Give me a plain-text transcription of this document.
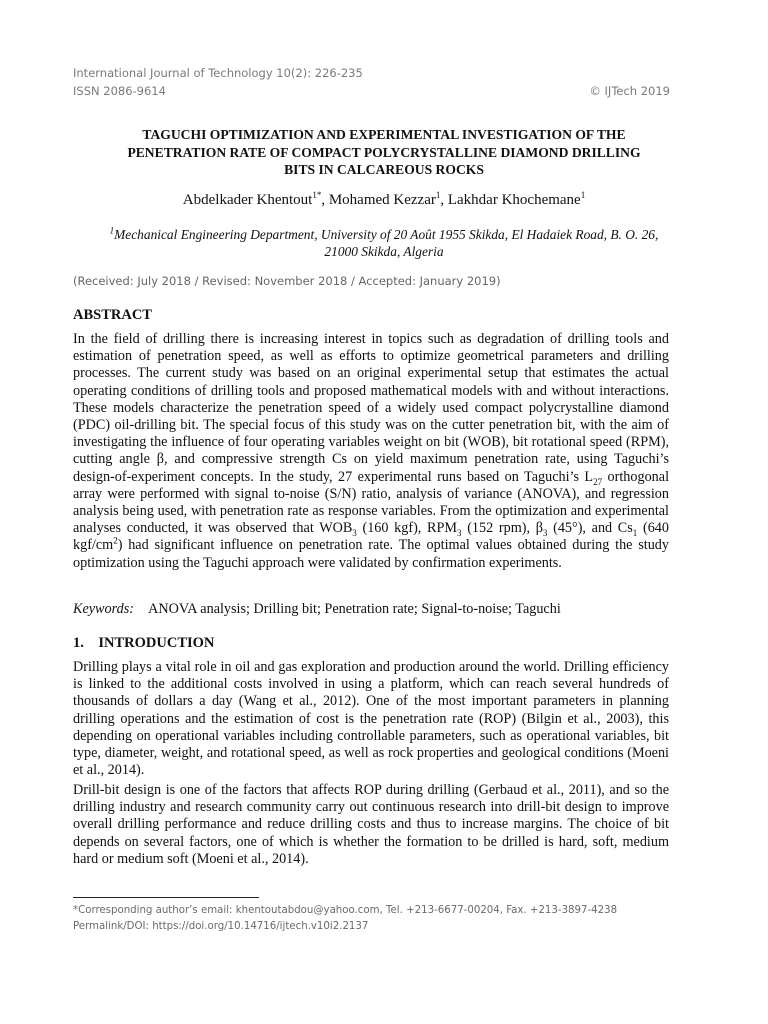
International Journal of Technology 10(2): 226-235
ISSN 2086-9614	© IJTech 2019
TAGUCHI OPTIMIZATION AND EXPERIMENTAL INVESTIGATION OF THE
PENETRATION RATE OF COMPACT POLYCRYSTALLINE DIAMOND DRILLING
BITS IN CALCAREOUS ROCKS
Abdelkader Khentout$^{1*}$, Mohamed Kezzar$^1$, Lakhdar Khochemane$^1$
$^1$Mechanical Engineering Department, University of 20 Août 1955 Skikda, El Hadaiek Road, B. O. 26,
21000 Skikda, Algeria
(Received: July 2018 / Revised: November 2018 / Accepted: January 2019)
ABSTRACT

In the field of drilling there is increasing interest in topics such as degradation of drilling tools and estimation of penetration speed, as well as efforts to optimize geometrical parameters and drilling processes. The current study was based on an original experimental setup that estimates the actual operating conditions of drilling tools and proposed mathematical models with and without interactions. These models characterize the penetration speed of a widely used compact polycrystalline diamond (PDC) oil-drilling bit. The special focus of this study was on the cutter penetration bit, with the aim of investigating the influence of four operating variables weight on bit (WOB), bit rotational speed (RPM), cutting angle β, and compressive strength Cs on yield maximum penetration rate, using Taguchi’s design-of-experiment concepts. In the study, 27 experimental runs based on Taguchi’s $L_{27}$ orthogonal array were performed with signal to-noise (S/N) ratio, analysis of variance (ANOVA), and regression analysis being used, with penetration rate as response variables. From the optimization and experimental analyses conducted, it was observed that $WOB_3$ (160 kgf), $RPM_3$ (152 rpm), $\beta_3$ (45°), and $Cs_1$ (640 kgf/$cm^2$) had significant influence on penetration rate. The optimal values obtained during the study optimization using the Taguchi approach were validated by confirmation experiments.

Keywords: ANOVA analysis; Drilling bit; Penetration rate; Signal-to-noise; Taguchi
1. INTRODUCTION

Drilling plays a vital role in oil and gas exploration and production around the world. Drilling efficiency is linked to the additional costs involved in using a platform, which can reach several hundreds of thousands of dollars a day (Wang et al., 2012). One of the most important parameters in planning drilling operations and the estimation of cost is the penetration rate (ROP) (Bilgin et al., 2003), this depending on operational variables including controllable parameters, such as operational variables, bit type, diameter, weight, and rotational speed, as well as rock properties and geological conditions (Moeni et al., 2014).

Drill-bit design is one of the factors that affects ROP during drilling (Gerbaud et al., 2011), and so the drilling industry and research community carry out continuous research into drill-bit design to improve overall drilling performance and reduce drilling costs and thus to increase margins. The choice of bit depends on several factors, one of which is whether the formation to be drilled is hard, soft, medium hard or medium soft (Moeni et al., 2014).

*Corresponding author’s email: khentoutabdou@yahoo.com, Tel. +213-6677-00204, Fax. +213-3897-4238
Permalink/DOI: https://doi.org/10.14716/ijtech.v10i2.2137
